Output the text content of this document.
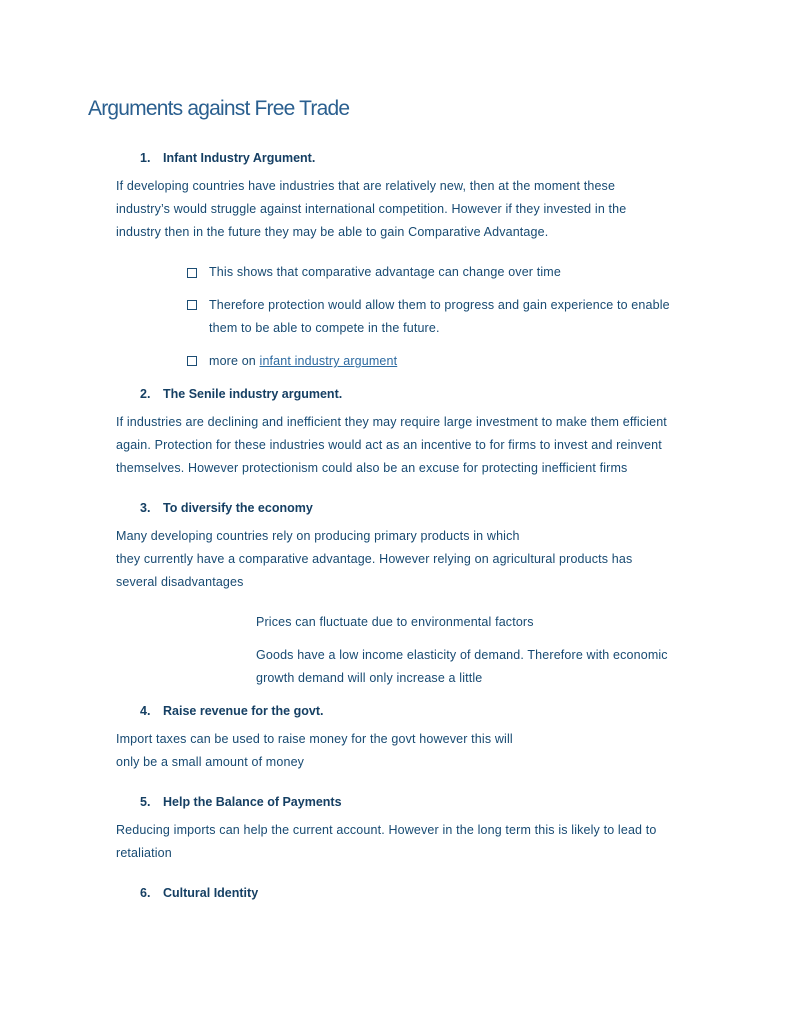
Arguments against Free Trade
1. Infant Industry Argument.
If developing countries have industries that are relatively new, then at the moment these
industry’s would struggle against international competition. However if they invested in the
industry then in the future they may be able to gain Comparative Advantage.
This shows that comparative advantage can change over time
Therefore protection would allow them to progress and gain experience to enable
them to be able to compete in the future.
more on infant industry argument
2. The Senile industry argument.
If industries are declining and inefficient they may require large investment to make them efficient
again. Protection for these industries would act as an incentive to for firms to invest and reinvent
themselves. However protectionism could also be an excuse for protecting inefficient firms
3. To diversify the economy
Many developing countries rely on producing primary products in which
they currently have a comparative advantage. However relying on agricultural products has
several disadvantages
Prices can fluctuate due to environmental factors
Goods have a low income elasticity of demand. Therefore with economic
growth demand will only increase a little
4. Raise revenue for the govt.
Import taxes can be used to raise money for the govt however this will
only be a small amount of money
5. Help the Balance of Payments
Reducing imports can help the current account. However in the long term this is likely to lead to
retaliation
6. Cultural Identity
